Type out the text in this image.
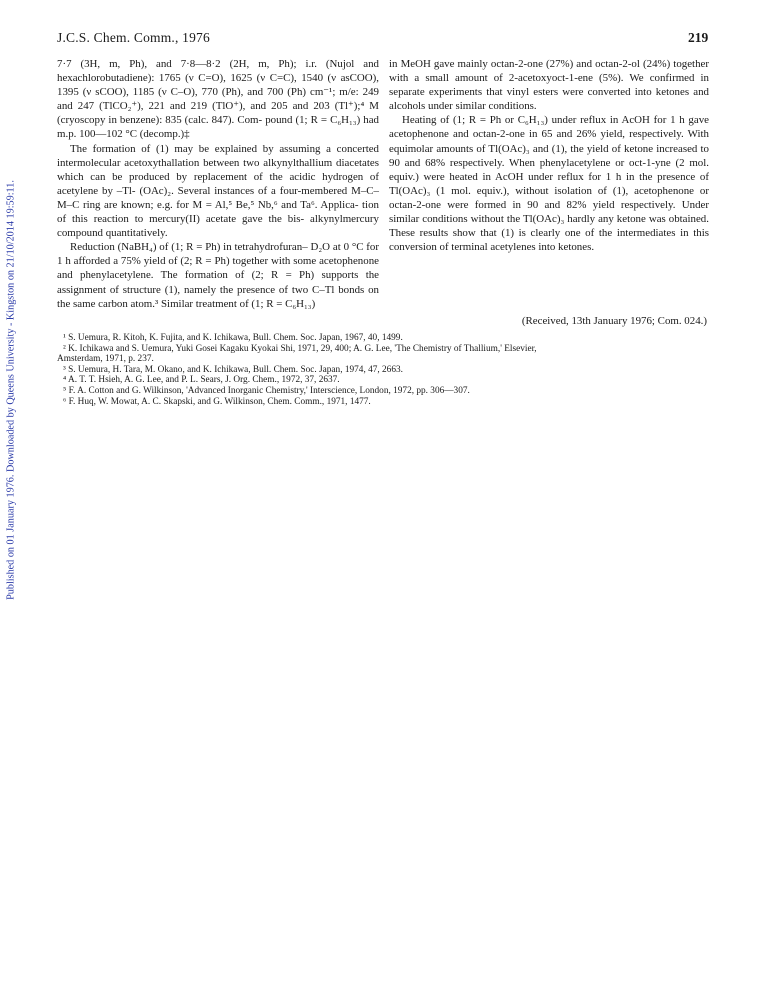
Published on 01 January 1976. Downloaded by Queens University - Kingston on 21/10/2014 19:59:11.
J.C.S. Chem. Comm., 1976	219

7·7 (3H, m, Ph), and 7·8—8·2 (2H, m, Ph); i.r. (Nujol and hexachlorobutadiene): 1765 (ν C=O), 1625 (ν C=C), 1540 (ν asCOO), 1395 (ν sCOO), 1185 (ν C–O), 770 (Ph), and 700 (Ph) cm⁻¹; m/e: 249 and 247 (TlCO₂⁺), 221 and 219 (TlO⁺), and 205 and 203 (Tl⁺);⁴ M (cryoscopy in benzene): 835 (calc. 847). Com- pound (1; R = C₆H₁₃) had m.p. 100—102 °C (decomp.)‡

The formation of (1) may be explained by assuming a concerted intermolecular acetoxythallation between two alkynylthallium diacetates which can be produced by replacement of the acidic hydrogen of acetylene by –Tl- (OAc)₂. Several instances of a four-membered M–C–M–C ring are known; e.g. for M = Al,⁵ Be,⁵ Nb,⁶ and Ta⁶. Applica- tion of this reaction to mercury(II) acetate gave the bis- alkynylmercury compound quantitatively.

Reduction (NaBH₄) of (1; R = Ph) in tetrahydrofuran– D₂O at 0 °C for 1 h afforded a 75% yield of (2; R = Ph) together with some acetophenone and phenylacetylene. The formation of (2; R = Ph) supports the assignment of structure (1), namely the presence of two C–Tl bonds on the same carbon atom.³ Similar treatment of (1; R = C₆H₁₃)

in MeOH gave mainly octan-2-one (27%) and octan-2-ol (24%) together with a small amount of 2-acetoxyoct-1-ene (5%). We confirmed in separate experiments that vinyl esters were converted into ketones and alcohols under similar conditions.

Heating of (1; R = Ph or C₆H₁₃) under reflux in AcOH for 1 h gave acetophenone and octan-2-one in 65 and 26% yield, respectively. With equimolar amounts of Tl(OAc)₃ and (1), the yield of ketone increased to 90 and 68% respectively. When phenylacetylene or oct-1-yne (2 mol. equiv.) were heated in AcOH under reflux for 1 h in the presence of Tl(OAc)₃ (1 mol. equiv.), without isolation of (1), acetophenone or octan-2-one were formed in 90 and 82% yield respectively. Under similar conditions without the Tl(OAc)₃ hardly any ketone was obtained. These results show that (1) is clearly one of the intermediates in this conversion of terminal acetylenes into ketones.

(Received, 13th January 1976; Com. 024.)
¹ S. Uemura, R. Kitoh, K. Fujita, and K. Ichikawa, Bull. Chem. Soc. Japan, 1967, 40, 1499.
² K. Ichikawa and S. Uemura, Yuki Gosei Kagaku Kyokai Shi, 1971, 29, 400; A. G. Lee, 'The Chemistry of Thallium,' Elsevier,
Amsterdam, 1971, p. 237.
³ S. Uemura, H. Tara, M. Okano, and K. Ichikawa, Bull. Chem. Soc. Japan, 1974, 47, 2663.
⁴ A. T. T. Hsieh, A. G. Lee, and P. L. Sears, J. Org. Chem., 1972, 37, 2637.
⁵ F. A. Cotton and G. Wilkinson, 'Advanced Inorganic Chemistry,' Interscience, London, 1972, pp. 306—307.
⁶ F. Huq, W. Mowat, A. C. Skapski, and G. Wilkinson, Chem. Comm., 1971, 1477.
